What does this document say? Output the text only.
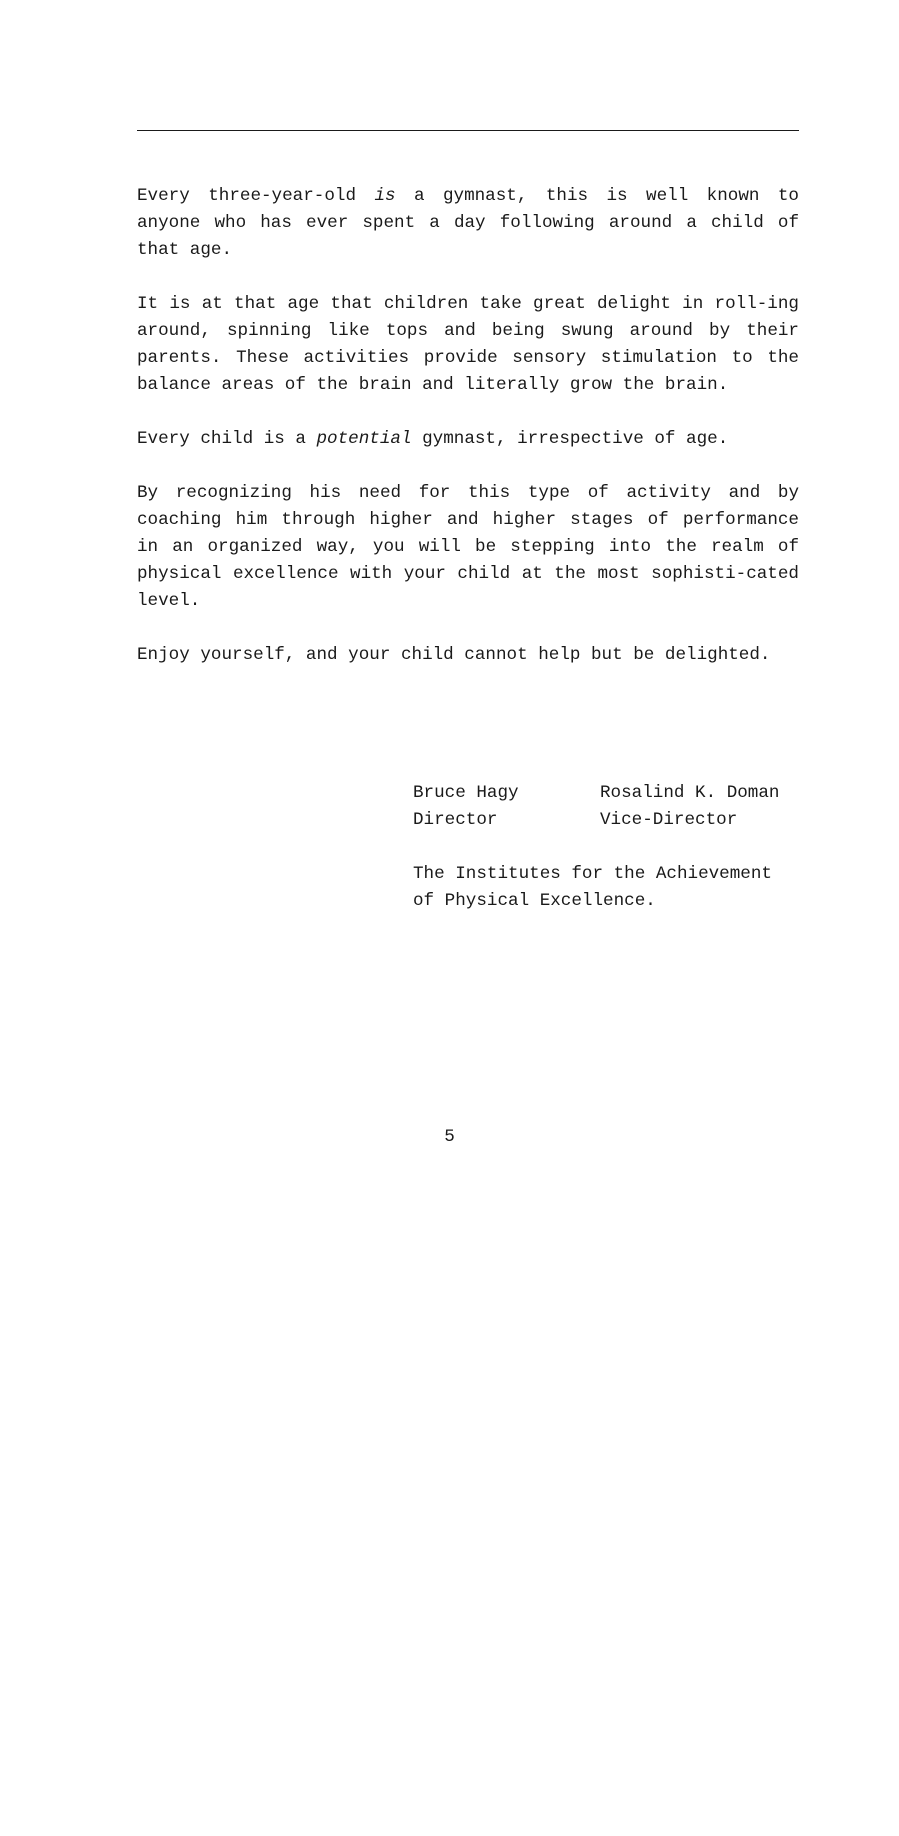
Every three-year-old is a gymnast, this is well known to anyone who has ever spent a day following around a child of that age.

It is at that age that children take great delight in roll-ing around, spinning like tops and being swung around by their parents. These activities provide sensory stimulation to the balance areas of the brain and literally grow the brain.

Every child is a potential gymnast, irrespective of age.

By recognizing his need for this type of activity and by coaching him through higher and higher stages of performance in an organized way, you will be stepping into the realm of physical excellence with your child at the most sophisti-cated level.

Enjoy yourself, and your child cannot help but be delighted.

Bruce Hagy
Director
Rosalind K. Doman
Vice-Director
The Institutes for the Achievement
of Physical Excellence.
5
